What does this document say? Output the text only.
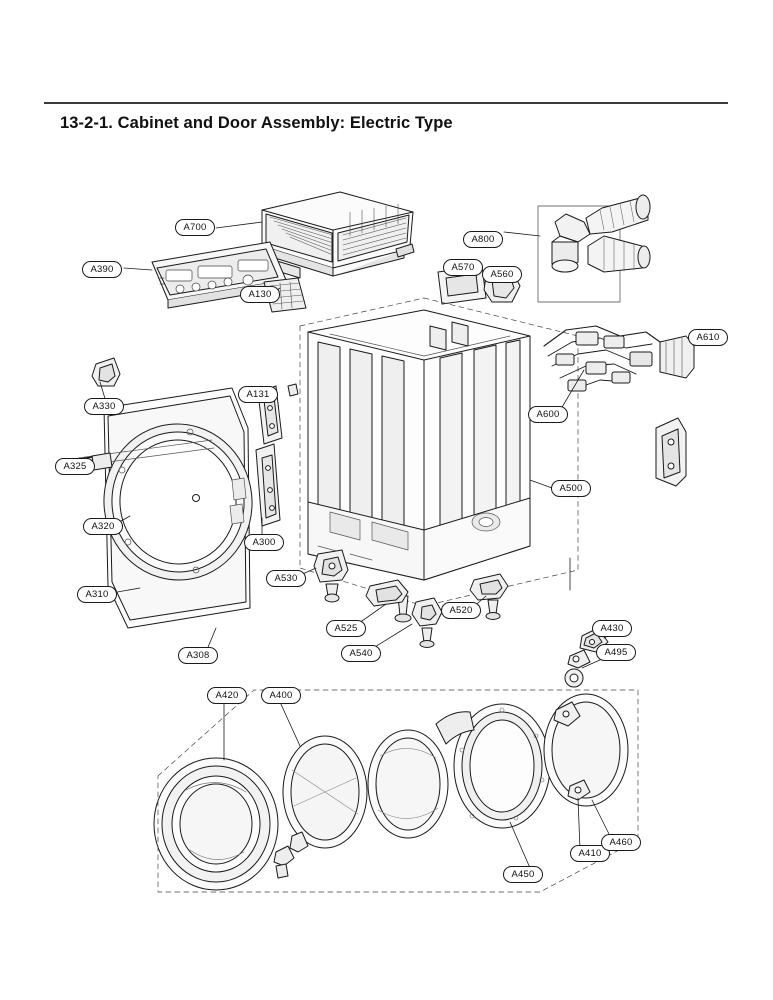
13-2-1. Cabinet and Door Assembly: Electric Type
A700
A800
A390	A570
A560
A130
A610
A330
A131
A600
A325
A500
A320
A300
A310
A530
A308
A525
A520
A540
A430
A495
A420	A400
A450
A410
A460
